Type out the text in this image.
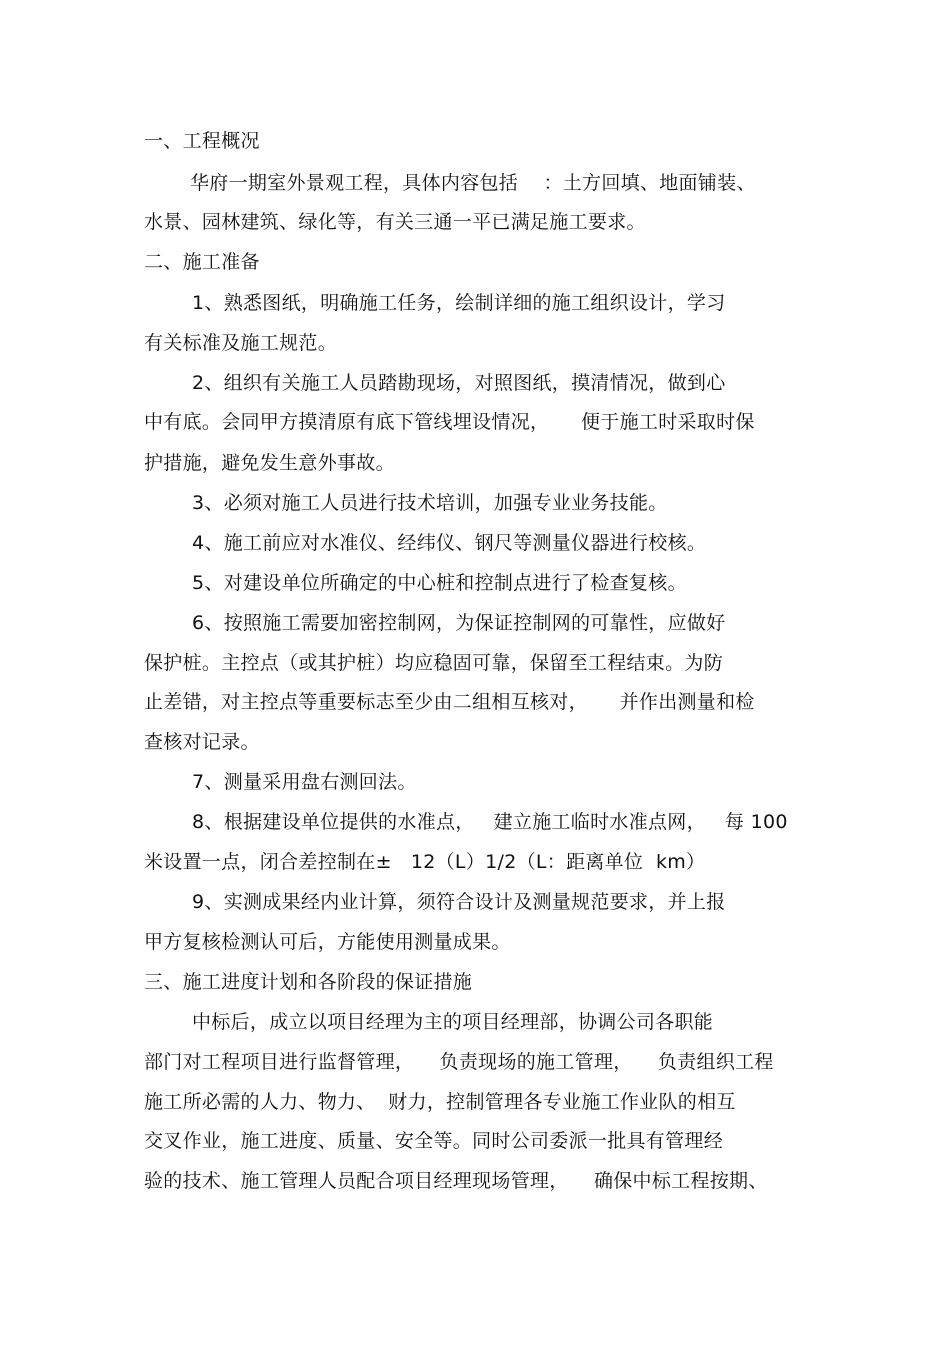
一、工程概况
华府一期室外景观工程，具体内容包括    ：土方回填、地面铺装、
水景、园林建筑、绿化等，有关三通一平已满足施工要求。
二、施工准备
1、熟悉图纸，明确施工任务，绘制详细的施工组织设计，学习
有关标准及施工规范。
2、组织有关施工人员踏勘现场，对照图纸，摸清情况，做到心
中有底。会同甲方摸清原有底下管线埋设情况，     便于施工时采取时保
护措施，避免发生意外事故。
3、必须对施工人员进行技术培训，加强专业业务技能。
4、施工前应对水准仪、经纬仪、钢尺等测量仪器进行校核。
5、对建设单位所确定的中心桩和控制点进行了检查复核。
6、按照施工需要加密控制网，为保证控制网的可靠性，应做好
保护桩。主控点（或其护桩）均应稳固可靠，保留至工程结束。为防
止差错，对主控点等重要标志至少由二组相互核对，     并作出测量和检
查核对记录。
7、测量采用盘右测回法。
8、根据建设单位提供的水准点，   建立施工临时水准点网，   每 100
米设置一点，闭合差控制在±   12（L）1/2（L：距离单位  km）
9、实测成果经内业计算，须符合设计及测量规范要求，并上报
甲方复核检测认可后，方能使用测量成果。
三、施工进度计划和各阶段的保证措施
中标后，成立以项目经理为主的项目经理部，协调公司各职能
部门对工程项目进行监督管理，    负责现场的施工管理，    负责组织工程
施工所必需的人力、物力、  财力，控制管理各专业施工作业队的相互
交叉作业，施工进度、质量、安全等。同时公司委派一批具有管理经
验的技术、施工管理人员配合项目经理现场管理，    确保中标工程按期、
